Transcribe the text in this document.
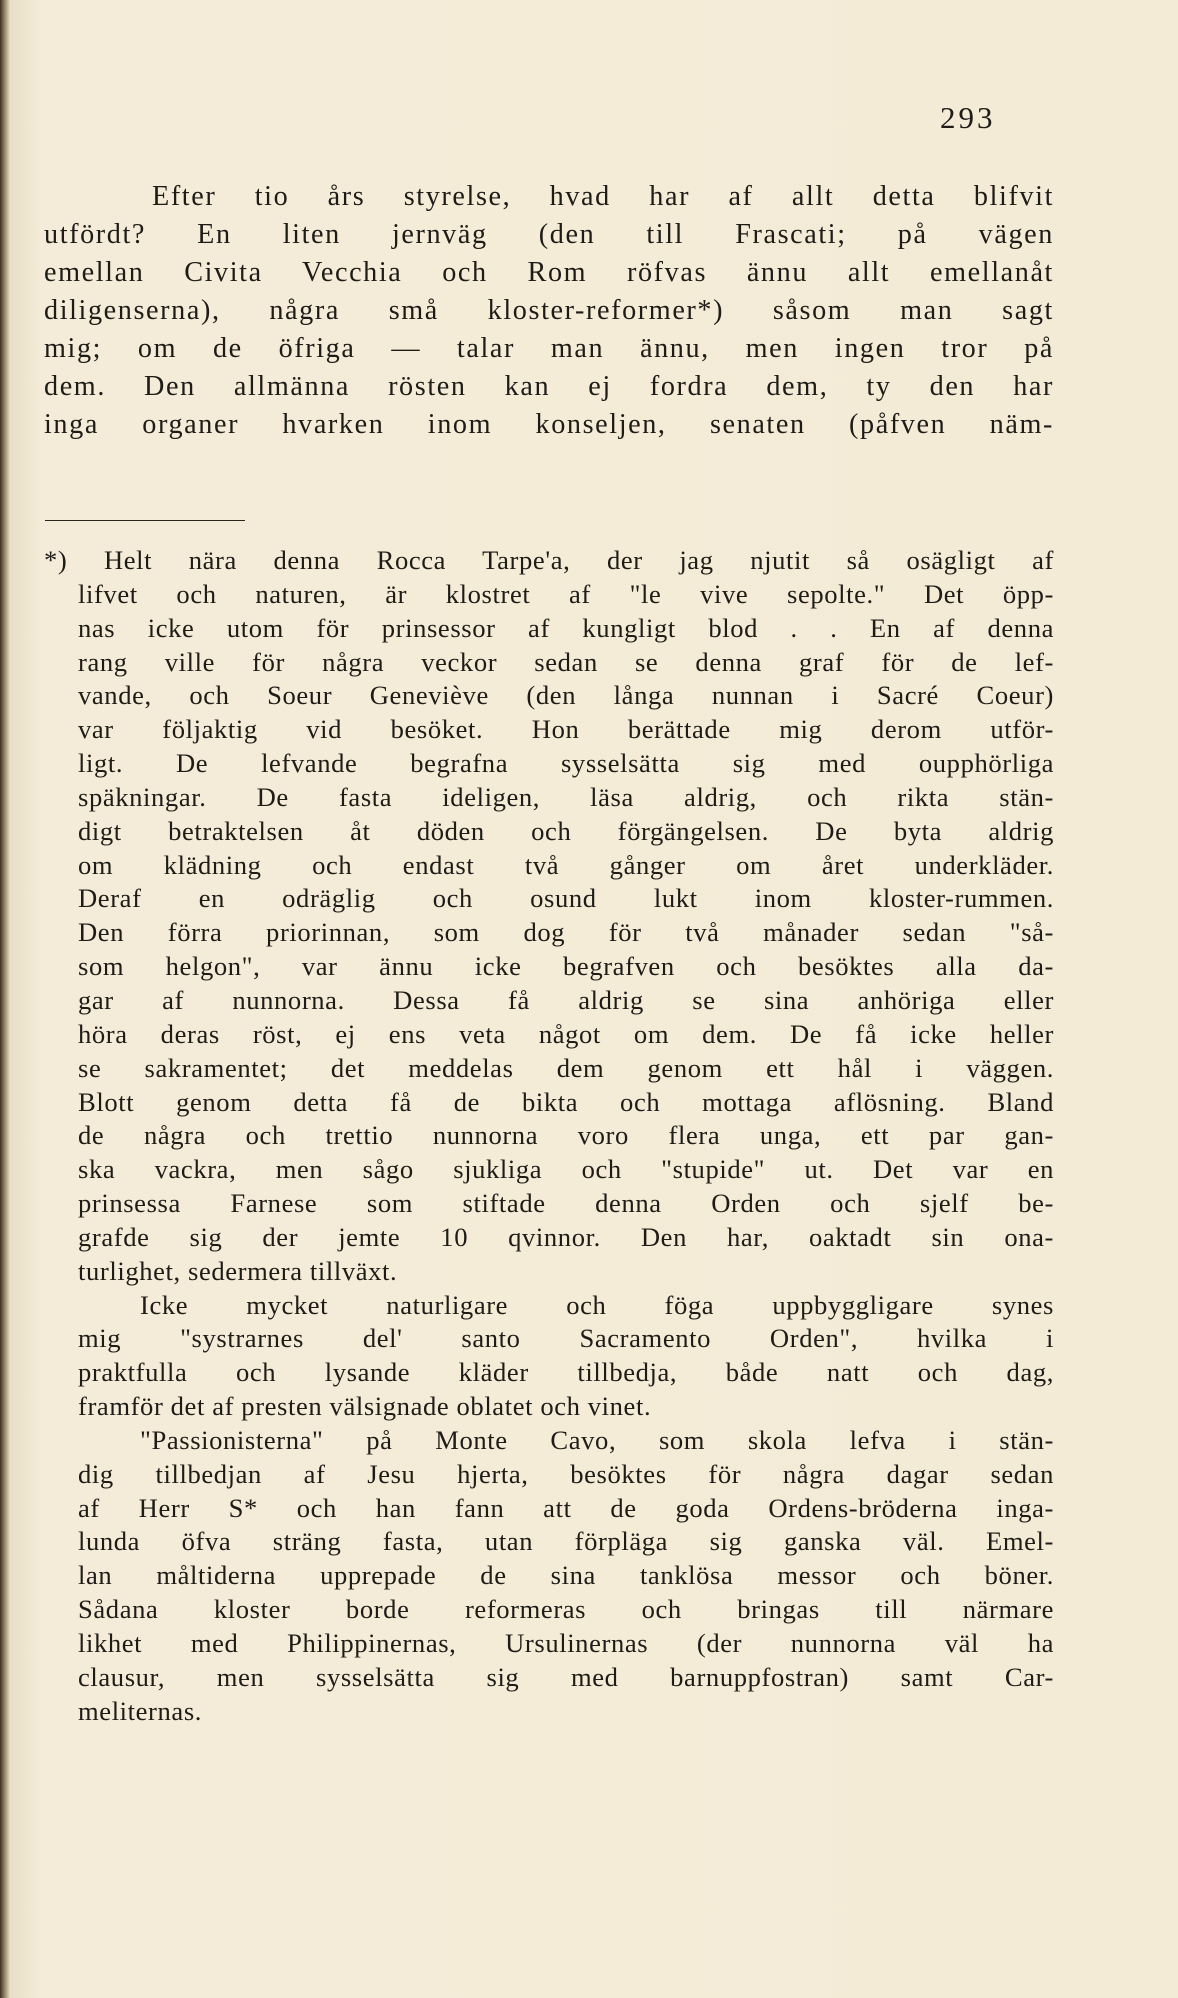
293
Efter tio års styrelse, hvad har af allt detta blifvit
utfördt? En liten jernväg (den till Frascati; på vägen
emellan Civita Vecchia och Rom röfvas ännu allt emellanåt
diligenserna), några små kloster-reformer*) såsom man sagt
mig; om de öfriga — talar man ännu, men ingen tror på
dem. Den allmänna rösten kan ej fordra dem, ty den har
inga organer hvarken inom konseljen, senaten (påfven näm-
*) Helt nära denna Rocca Tarpe'a, der jag njutit så osägligt af
lifvet och naturen, är klostret af "le vive sepolte." Det öpp-
nas icke utom för prinsessor af kungligt blod . . En af denna
rang ville för några veckor sedan se denna graf för de lef-
vande, och Soeur Geneviève (den långa nunnan i Sacré Coeur)
var följaktig vid besöket. Hon berättade mig derom utför-
ligt. De lefvande begrafna sysselsätta sig med oupphörliga
späkningar. De fasta ideligen, läsa aldrig, och rikta stän-
digt betraktelsen åt döden och förgängelsen. De byta aldrig
om klädning och endast två gånger om året underkläder.
Deraf en odräglig och osund lukt inom kloster-rummen.
Den förra priorinnan, som dog för två månader sedan "så-
som helgon", var ännu icke begrafven och besöktes alla da-
gar af nunnorna. Dessa få aldrig se sina anhöriga eller
höra deras röst, ej ens veta något om dem. De få icke heller
se sakramentet; det meddelas dem genom ett hål i väggen.
Blott genom detta få de bikta och mottaga aflösning. Bland
de några och trettio nunnorna voro flera unga, ett par gan-
ska vackra, men sågo sjukliga och "stupide" ut. Det var en
prinsessa Farnese som stiftade denna Orden och sjelf be-
grafde sig der jemte 10 qvinnor. Den har, oaktadt sin ona-
turlighet, sedermera tillväxt.
Icke mycket naturligare och föga uppbyggligare synes
mig "systrarnes del' santo Sacramento Orden", hvilka i
praktfulla och lysande kläder tillbedja, både natt och dag,
framför det af presten välsignade oblatet och vinet.
"Passionisterna" på Monte Cavo, som skola lefva i stän-
dig tillbedjan af Jesu hjerta, besöktes för några dagar sedan
af Herr S* och han fann att de goda Ordens-bröderna inga-
lunda öfva sträng fasta, utan förpläga sig ganska väl. Emel-
lan måltiderna upprepade de sina tanklösa messor och böner.
Sådana kloster borde reformeras och bringas till närmare
likhet med Philippinernas, Ursulinernas (der nunnorna väl ha
clausur, men sysselsätta sig med barnuppfostran) samt Car-
meliternas.
